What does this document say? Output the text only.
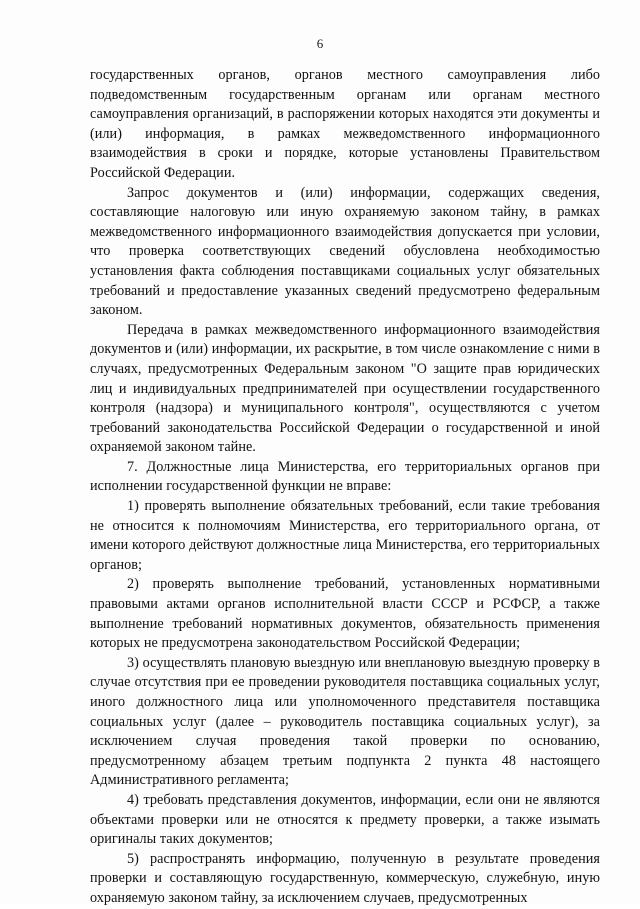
6

государственных органов, органов местного самоуправления либо подведомственным государственным органам или органам местного самоуправления организаций, в распоряжении которых находятся эти документы и (или) информация, в рамках межведомственного информационного взаимодействия в сроки и порядке, которые установлены Правительством Российской Федерации.

Запрос документов и (или) информации, содержащих сведения, составляющие налоговую или иную охраняемую законом тайну, в рамках межведомственного информационного взаимодействия допускается при условии, что проверка соответствующих сведений обусловлена необходимостью установления факта соблюдения поставщиками социальных услуг обязательных требований и предоставление указанных сведений предусмотрено федеральным законом.

Передача в рамках межведомственного информационного взаимодействия документов и (или) информации, их раскрытие, в том числе ознакомление с ними в случаях, предусмотренных Федеральным законом "О защите прав юридических лиц и индивидуальных предпринимателей при осуществлении государственного контроля (надзора) и муниципального контроля", осуществляются с учетом требований законодательства Российской Федерации о государственной и иной охраняемой законом тайне.

7. Должностные лица Министерства, его территориальных органов при исполнении государственной функции не вправе:

1) проверять выполнение обязательных требований, если такие требования не относится к полномочиям Министерства, его территориального органа, от имени которого действуют должностные лица Министерства, его территориальных органов;

2) проверять выполнение требований, установленных нормативными правовыми актами органов исполнительной власти СССР и РСФСР, а также выполнение требований нормативных документов, обязательность применения которых не предусмотрена законодательством Российской Федерации;

3) осуществлять плановую выездную или внеплановую выездную проверку в случае отсутствия при ее проведении руководителя поставщика социальных услуг, иного должностного лица или уполномоченного представителя поставщика социальных услуг (далее – руководитель поставщика социальных услуг), за исключением случая проведения такой проверки по основанию, предусмотренному абзацем третьим подпункта 2 пункта 48 настоящего Административного регламента;

4) требовать представления документов, информации, если они не являются объектами проверки или не относятся к предмету проверки, а также изымать оригиналы таких документов;

5) распространять информацию, полученную в результате проведения проверки и составляющую государственную, коммерческую, служебную, иную охраняемую законом тайну, за исключением случаев, предусмотренных
